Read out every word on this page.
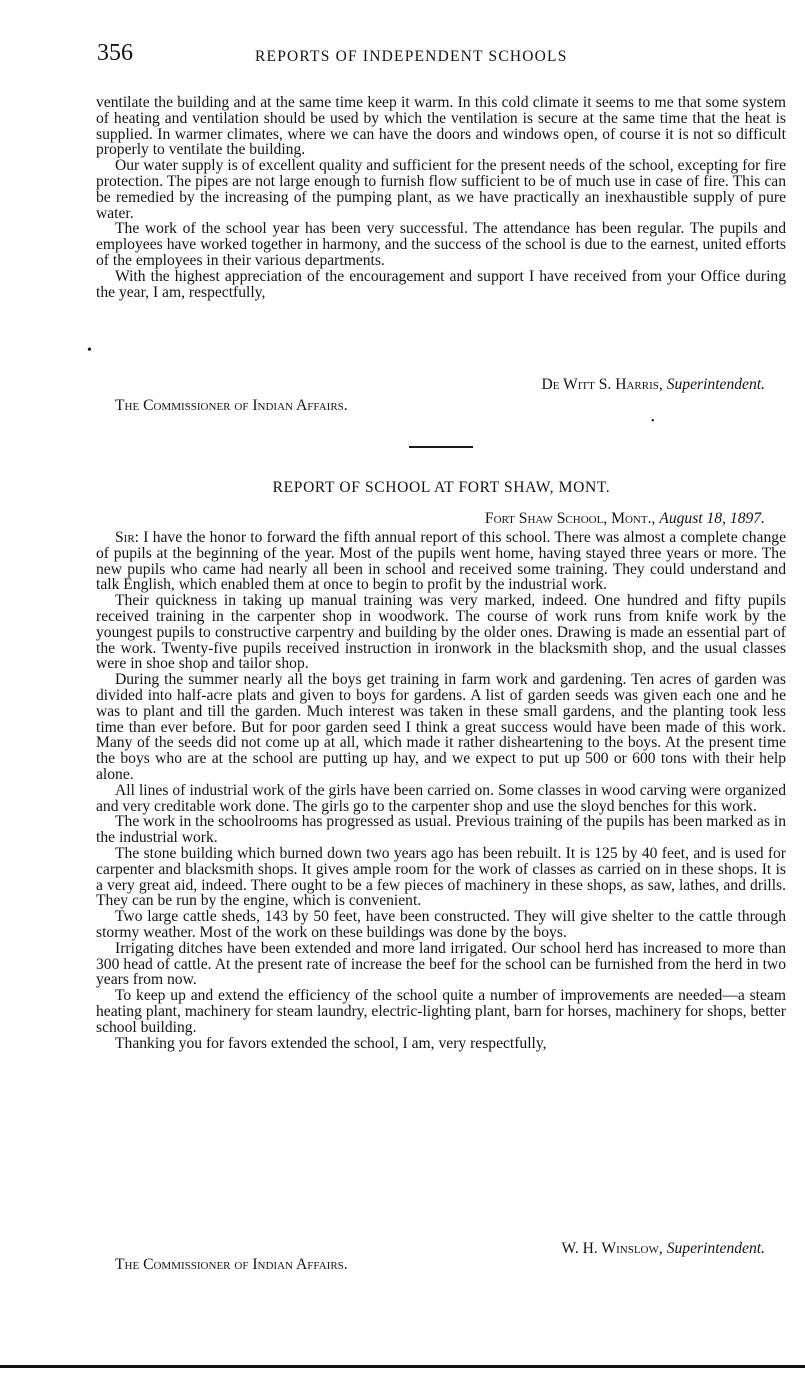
356	REPORTS OF INDEPENDENT SCHOOLS

ventilate the building and at the same time keep it warm. In this cold climate it seems to me that some system of heating and ventilation should be used by which the ventilation is secure at the same time that the heat is supplied. In warmer climates, where we can have the doors and windows open, of course it is not so difficult properly to ventilate the building.

Our water supply is of excellent quality and sufficient for the present needs of the school, excepting for fire protection. The pipes are not large enough to furnish flow sufficient to be of much use in case of fire. This can be remedied by the increasing of the pumping plant, as we have practically an inexhaustible supply of pure water.

The work of the school year has been very successful. The attendance has been regular. The pupils and employees have worked together in harmony, and the success of the school is due to the earnest, united efforts of the employees in their various departments.

With the highest appreciation of the encouragement and support I have received from your Office during the year, I am, respectfully,

•
De Witt S. Harris, Superintendent.
The Commissioner of Indian Affairs.
•
REPORT OF SCHOOL AT FORT SHAW, MONT.
Fort Shaw School, Mont., August 18, 1897.

Sir: I have the honor to forward the fifth annual report of this school. There was almost a complete change of pupils at the beginning of the year. Most of the pupils went home, having stayed three years or more. The new pupils who came had nearly all been in school and received some training. They could understand and talk English, which enabled them at once to begin to profit by the industrial work.

Their quickness in taking up manual training was very marked, indeed. One hundred and fifty pupils received training in the carpenter shop in woodwork. The course of work runs from knife work by the youngest pupils to constructive carpentry and building by the older ones. Drawing is made an essential part of the work. Twenty-five pupils received instruction in ironwork in the blacksmith shop, and the usual classes were in shoe shop and tailor shop.

During the summer nearly all the boys get training in farm work and gardening. Ten acres of garden was divided into half-acre plats and given to boys for gardens. A list of garden seeds was given each one and he was to plant and till the garden. Much interest was taken in these small gardens, and the planting took less time than ever before. But for poor garden seed I think a great success would have been made of this work. Many of the seeds did not come up at all, which made it rather disheartening to the boys. At the present time the boys who are at the school are putting up hay, and we expect to put up 500 or 600 tons with their help alone.

All lines of industrial work of the girls have been carried on. Some classes in wood carving were organized and very creditable work done. The girls go to the carpenter shop and use the sloyd benches for this work.

The work in the schoolrooms has progressed as usual. Previous training of the pupils has been marked as in the industrial work.

The stone building which burned down two years ago has been rebuilt. It is 125 by 40 feet, and is used for carpenter and blacksmith shops. It gives ample room for the work of classes as carried on in these shops. It is a very great aid, indeed. There ought to be a few pieces of machinery in these shops, as saw, lathes, and drills. They can be run by the engine, which is convenient.

Two large cattle sheds, 143 by 50 feet, have been constructed. They will give shelter to the cattle through stormy weather. Most of the work on these buildings was done by the boys.

Irrigating ditches have been extended and more land irrigated. Our school herd has increased to more than 300 head of cattle. At the present rate of increase the beef for the school can be furnished from the herd in two years from now.

To keep up and extend the efficiency of the school quite a number of improvements are needed—a steam heating plant, machinery for steam laundry, electric-lighting plant, barn for horses, machinery for shops, better school building.

Thanking you for favors extended the school, I am, very respectfully,

W. H. Winslow, Superintendent.
The Commissioner of Indian Affairs.
